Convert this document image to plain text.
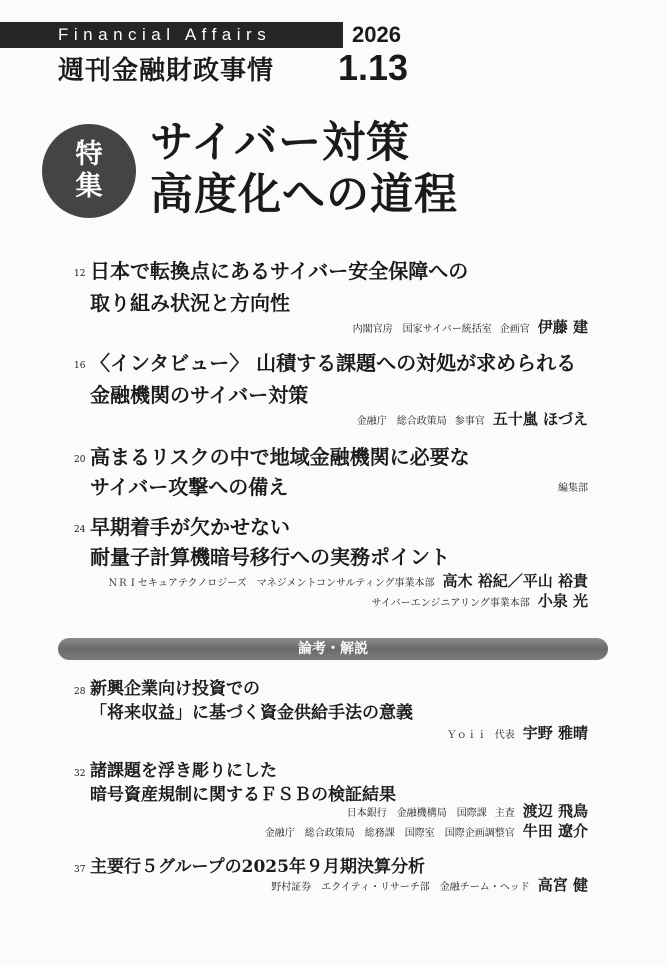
Financial Affairs	2026
週刊金融財政事情 1.13
特
集
サイバー対策
高度化への道程
12 日本で転換点にあるサイバー安全保障への
取り組み状況と方向性
内閣官房　国家サイバー統括室 企画官 伊藤 建
16 〈インタビュー〉 山積する課題への対処が求められる
金融機関のサイバー対策
金融庁　総合政策局 参事官 五十嵐 ほづえ
20 高まるリスクの中で地域金融機関に必要な
サイバー攻撃への備え	編集部
24 早期着手が欠かせない
耐量子計算機暗号移行への実務ポイント
ＮＲＩセキュアテクノロジーズ　マネジメントコンサルティング事業本部 高木 裕紀／平山 裕貴
サイバーエンジニアリング事業本部 小泉 光
論考・解説
28 新興企業向け投資での
「将来収益」に基づく資金供給手法の意義
Ｙｏｉｉ 代表 宇野 雅晴
32 諸課題を浮き彫りにした
暗号資産規制に関するＦＳＢの検証結果
日本銀行　金融機構局　国際課 主査 渡辺 飛鳥
金融庁　総合政策局　総務課　国際室　国際企画調整官 牛田 遼介
37 主要行５グループの2025年９月期決算分析
野村証券　エクイティ・リサーチ部　金融チーム・ヘッド 高宮 健
